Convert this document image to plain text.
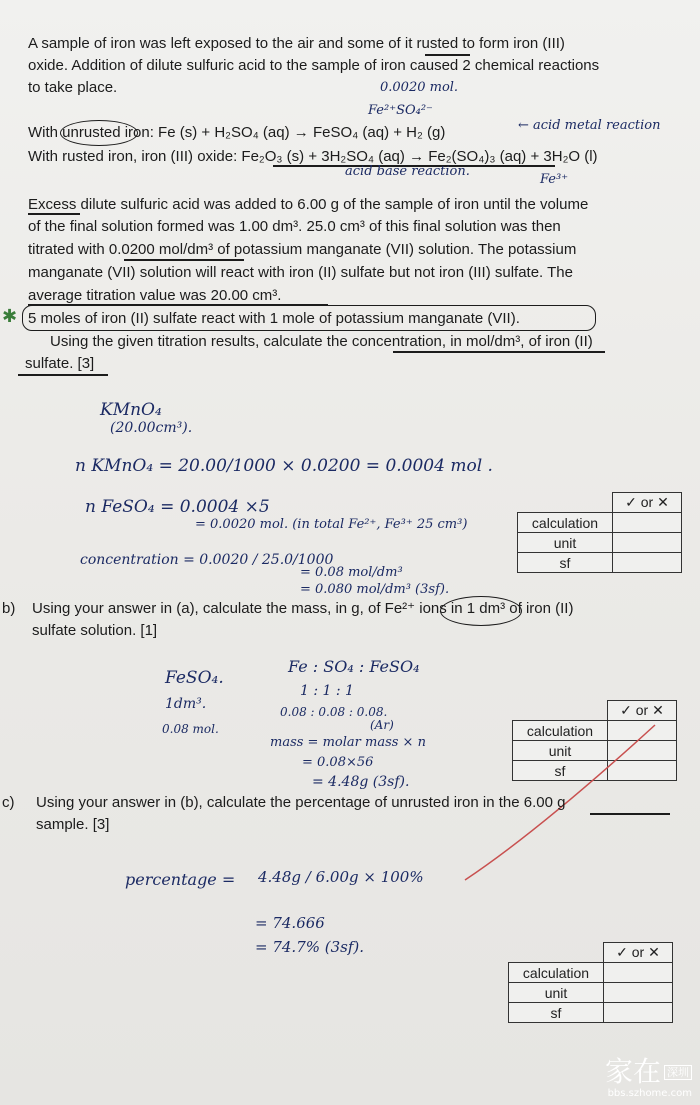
A sample of iron was left exposed to the air and some of it rusted to form iron (III)
oxide. Addition of dilute sulfuric acid to the sample of iron caused 2 chemical reactions
to take place.	0.0020 mol.
Fe²⁺SO₄²⁻
With unrusted iron: Fe (s) + H₂SO₄ (aq) → FeSO₄ (aq) + H₂ (g)	← acid metal reaction
With rusted iron, iron (III) oxide: Fe₂O₃ (s) + 3H₂SO₄ (aq) → Fe₂(SO₄)₃ (aq) + 3H₂O (l)
acid base reaction.
Fe³⁺
Excess dilute sulfuric acid was added to 6.00 g of the sample of iron until the volume
of the final solution formed was 1.00 dm³. 25.0 cm³ of this final solution was then
titrated with 0.0200 mol/dm³ of potassium manganate (VII) solution. The potassium
manganate (VII) solution will react with iron (II) sulfate but not iron (III) sulfate. The
average titration value was 20.00 cm³.
✱ 5 moles of iron (II) sulfate react with 1 mole of potassium manganate (VII).
Using the given titration results, calculate the concentration, in mol/dm³, of iron (II)
sulfate. [3]
KMnO₄
(20.00cm³).
n KMnO₄ = 20.00/1000 × 0.0200 = 0.0004 mol .
n FeSO₄ = 0.0004 ×5
= 0.0020 mol. (in total Fe²⁺, Fe³⁺ 25 cm³)
concentration = 0.0020 / 25.0/1000
= 0.08 mol/dm³
= 0.080 mol/dm³ (3sf).
	✓ or ✕
calculation	
unit	
sf	
b) Using your answer in (a), calculate the mass, in g, of Fe²⁺ ions in 1 dm³ of iron (II)
sulfate solution. [1]
FeSO₄.
1dm³.
0.08 mol.
Fe : SO₄ : FeSO₄
1 : 1 : 1
0.08 : 0.08 : 0.08.
(Ar)
mass = molar mass × n
= 0.08×56
= 4.48g (3sf).
	✓ or ✕
calculation	
unit	
sf	
c) Using your answer in (b), calculate the percentage of unrusted iron in the 6.00 g
sample. [3]
percentage = 4.48g / 6.00g × 100%
= 74.666
= 74.7% (3sf).
		✓ or ✕
calculation	
unit	
sf	
家在 深圳
bbs.szhome.com
